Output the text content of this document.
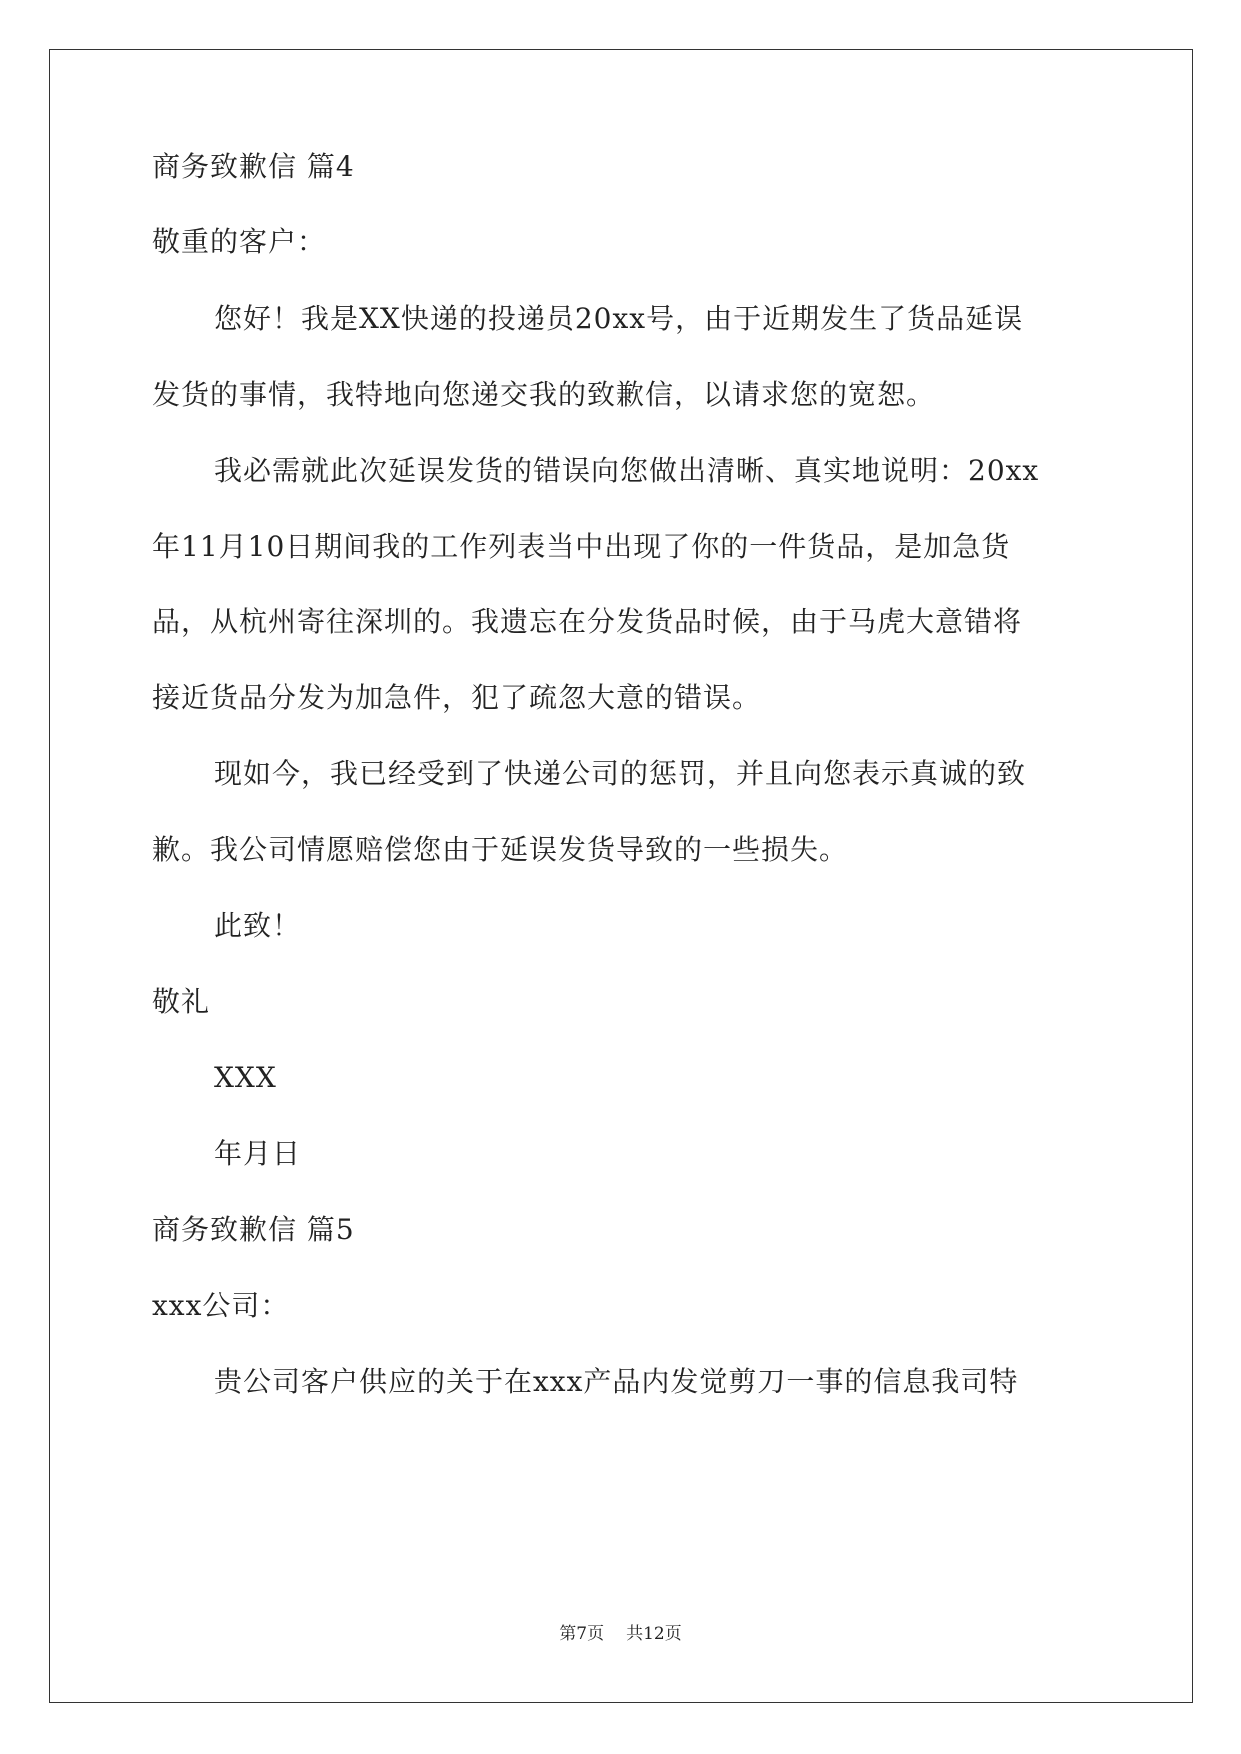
商务致歉信 篇4
敬重的客户：
您好！我是XX快递的投递员20xx号，由于近期发生了货品延误
发货的事情，我特地向您递交我的致歉信，以请求您的宽恕。
我必需就此次延误发货的错误向您做出清晰、真实地说明：20xx
年11月10日期间我的工作列表当中出现了你的一件货品，是加急货
品，从杭州寄往深圳的。我遗忘在分发货品时候，由于马虎大意错将
接近货品分发为加急件，犯了疏忽大意的错误。
现如今，我已经受到了快递公司的惩罚，并且向您表示真诚的致
歉。我公司情愿赔偿您由于延误发货导致的一些损失。
此致！
敬礼
XXX
年月日
商务致歉信 篇5
xxx公司：
贵公司客户供应的关于在xxx产品内发觉剪刀一事的信息我司特
第7页 共12页
